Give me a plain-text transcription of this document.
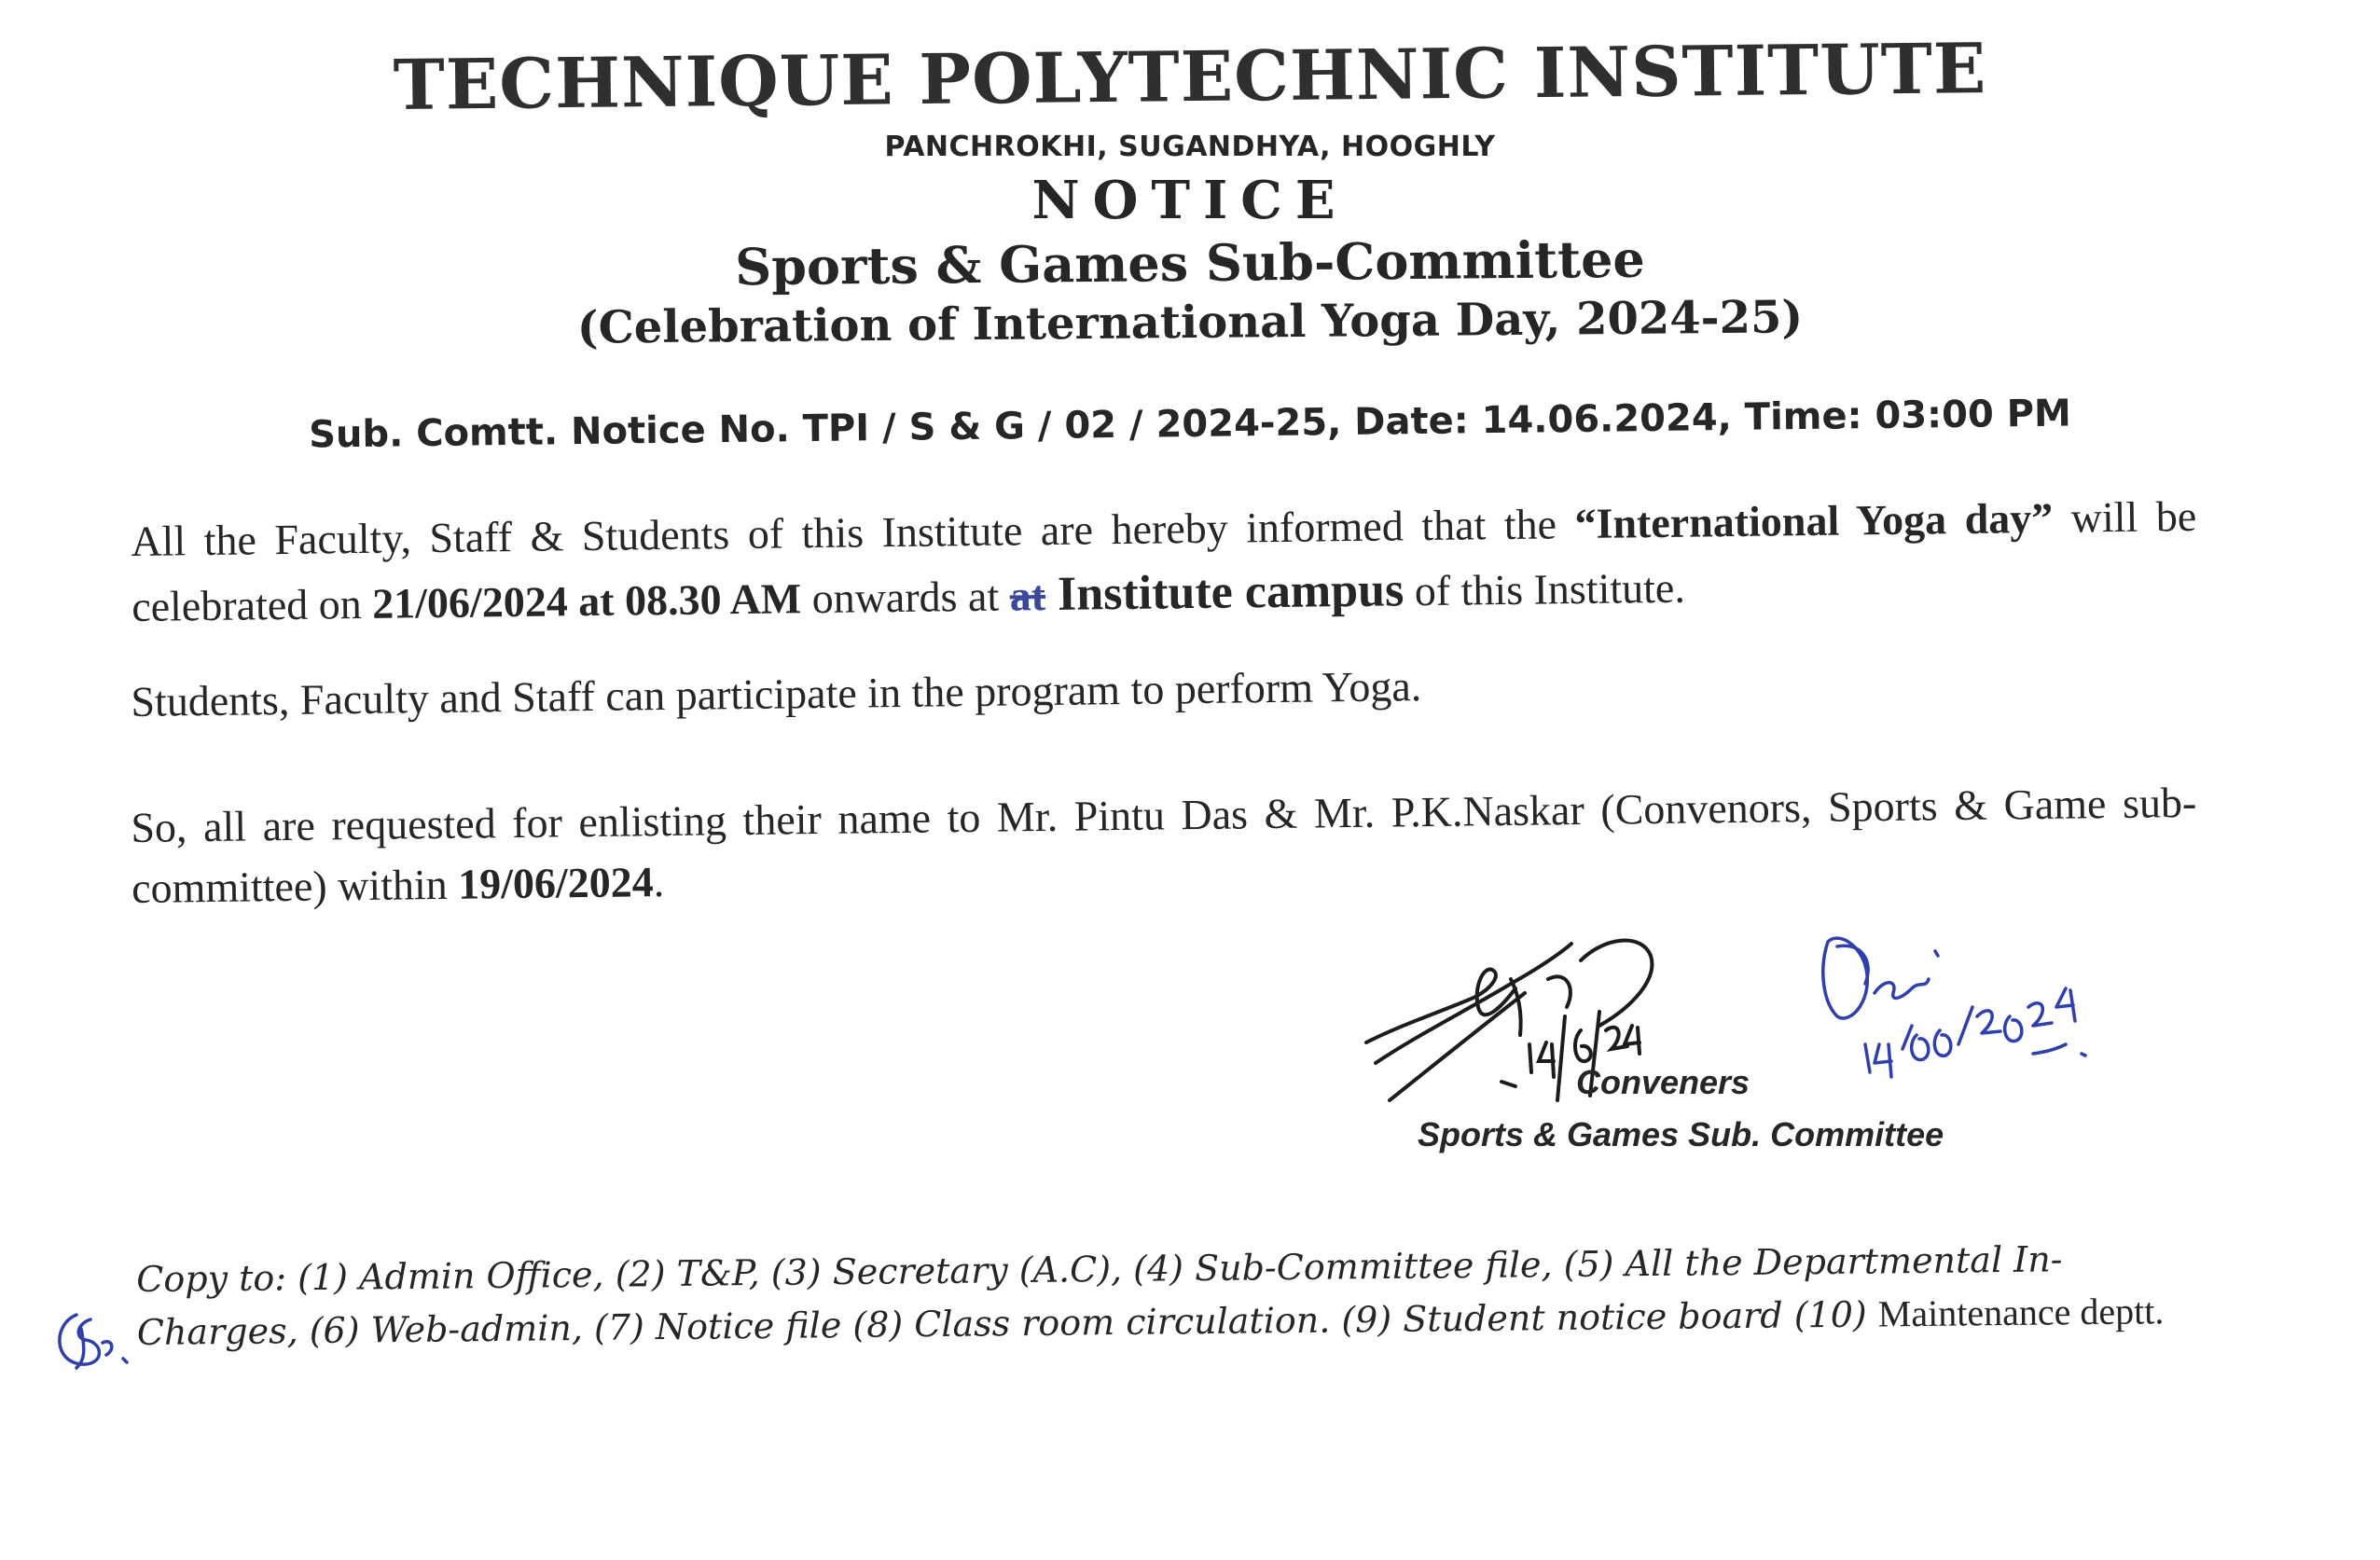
TECHNIQUE POLYTECHNIC INSTITUTE
PANCHROKHI, SUGANDHYA, HOOGHLY
NOTICE
Sports & Games Sub-Committee
(Celebration of International Yoga Day, 2024-25)
Sub. Comtt. Notice No. TPI / S & G / 02 / 2024-25, Date: 14.06.2024, Time: 03:00 PM
All the Faculty, Staff & Students of this Institute are hereby informed that the “International Yoga day” will be celebrated on 21/06/2024 at 08.30 AM onwards at at Institute campus of this Institute.
Students, Faculty and Staff can participate in the program to perform Yoga.
So, all are requested for enlisting their name to Mr. Pintu Das & Mr. P.K.Naskar (Convenors, Sports & Game sub-committee) within 19/06/2024.
Conveners
Sports & Games Sub. Committee
Copy to: (1) Admin Office, (2) T&P, (3) Secretary (A.C), (4) Sub-Committee file, (5) All the Departmental In-Charges, (6) Web-admin, (7) Notice file (8) Class room circulation. (9) Student notice board (10) Maintenance deptt.
